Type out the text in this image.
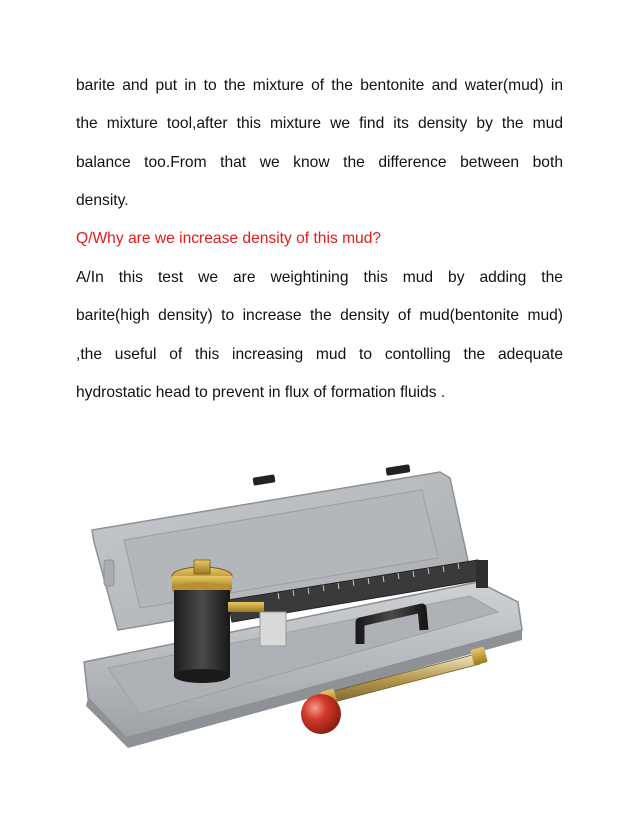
barite and put in to the mixture of the bentonite and water(mud) in
the mixture tool,after this mixture we find its density by the mud
balance too.From that we know the difference between both
density.
Q/Why are we increase density of this mud?
A/In this test we are weightining this mud by adding the
barite(high density) to increase the density of mud(bentonite mud)
,the useful of this increasing mud to contolling the adequate
hydrostatic head to prevent in flux of formation fluids .
